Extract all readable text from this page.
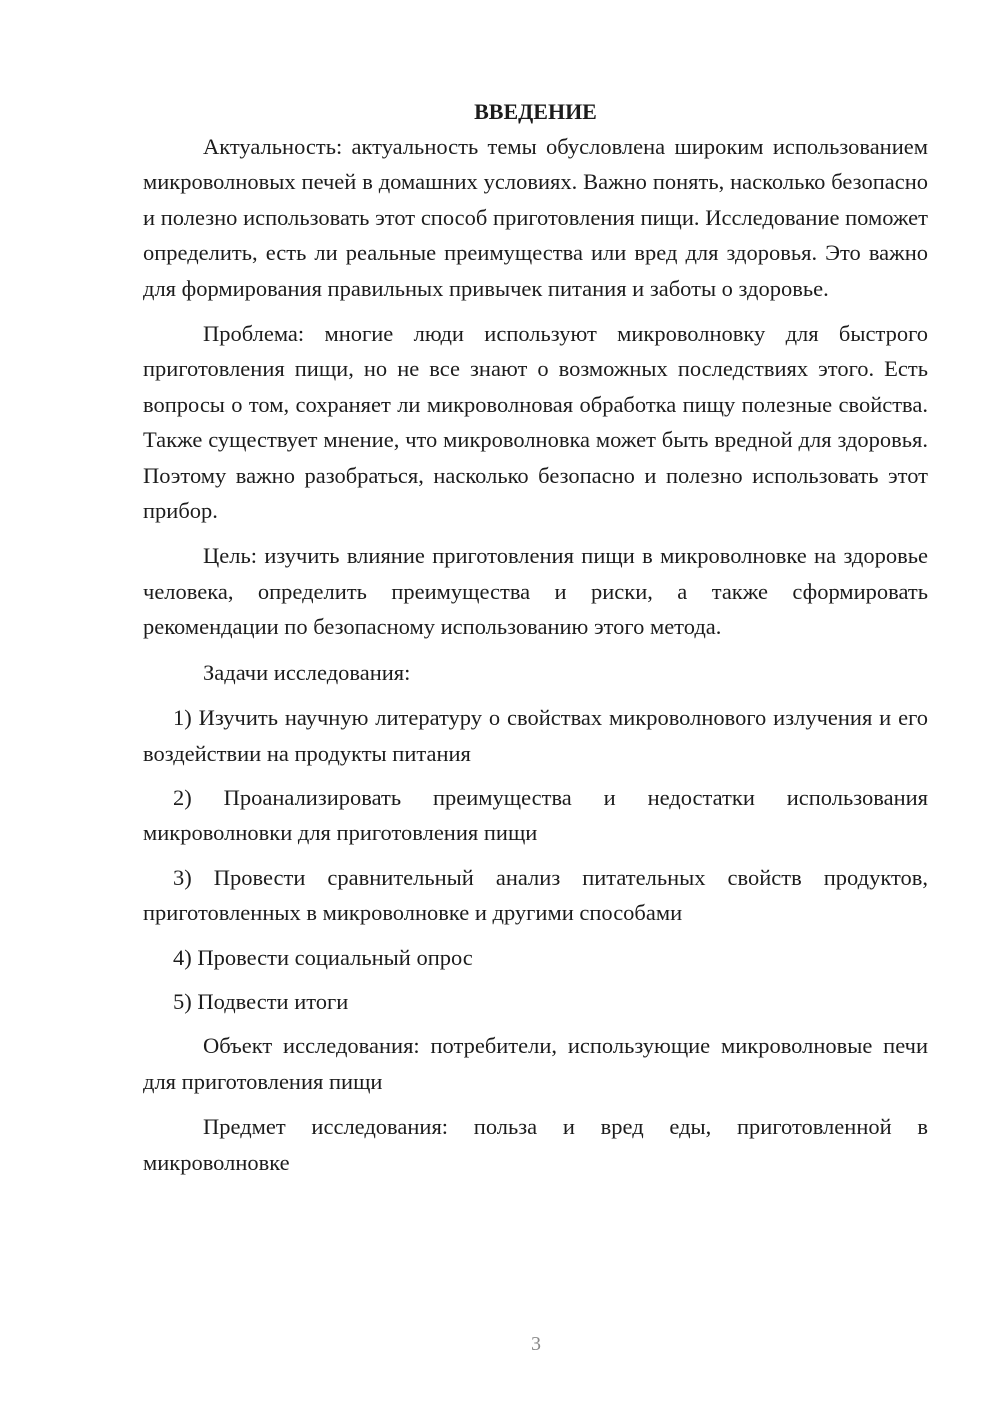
ВВЕДЕНИЕ

Актуальность: актуальность темы обусловлена широким использованием микроволновых печей в домашних условиях. Важно понять, насколько безопасно и полезно использовать этот способ приготовления пищи. Исследование поможет определить, есть ли реальные преимущества или вред для здоровья. Это важно для формирования правильных привычек питания и заботы о здоровье.

Проблема: многие люди используют микроволновку для быстрого приготовления пищи, но не все знают о возможных последствиях этого. Есть вопросы о том, сохраняет ли микроволновая обработка пищу полезные свойства. Также существует мнение, что микроволновка может быть вредной для здоровья. Поэтому важно разобраться, насколько безопасно и полезно использовать этот прибор.

Цель: изучить влияние приготовления пищи в микроволновке на здоровье человека, определить преимущества и риски, а также сформировать рекомендации по безопасному использованию этого метода.

Задачи исследования:

1) Изучить научную литературу о свойствах микроволнового излучения и его воздействии на продукты питания

2) Проанализировать преимущества и недостатки использования микроволновки для приготовления пищи

3) Провести сравнительный анализ питательных свойств продуктов, приготовленных в микроволновке и другими способами

4) Провести социальный опрос

5) Подвести итоги

Объект исследования: потребители, использующие микроволновые печи для приготовления пищи

Предмет исследования: польза и вред еды, приготовленной в микроволновке

3
